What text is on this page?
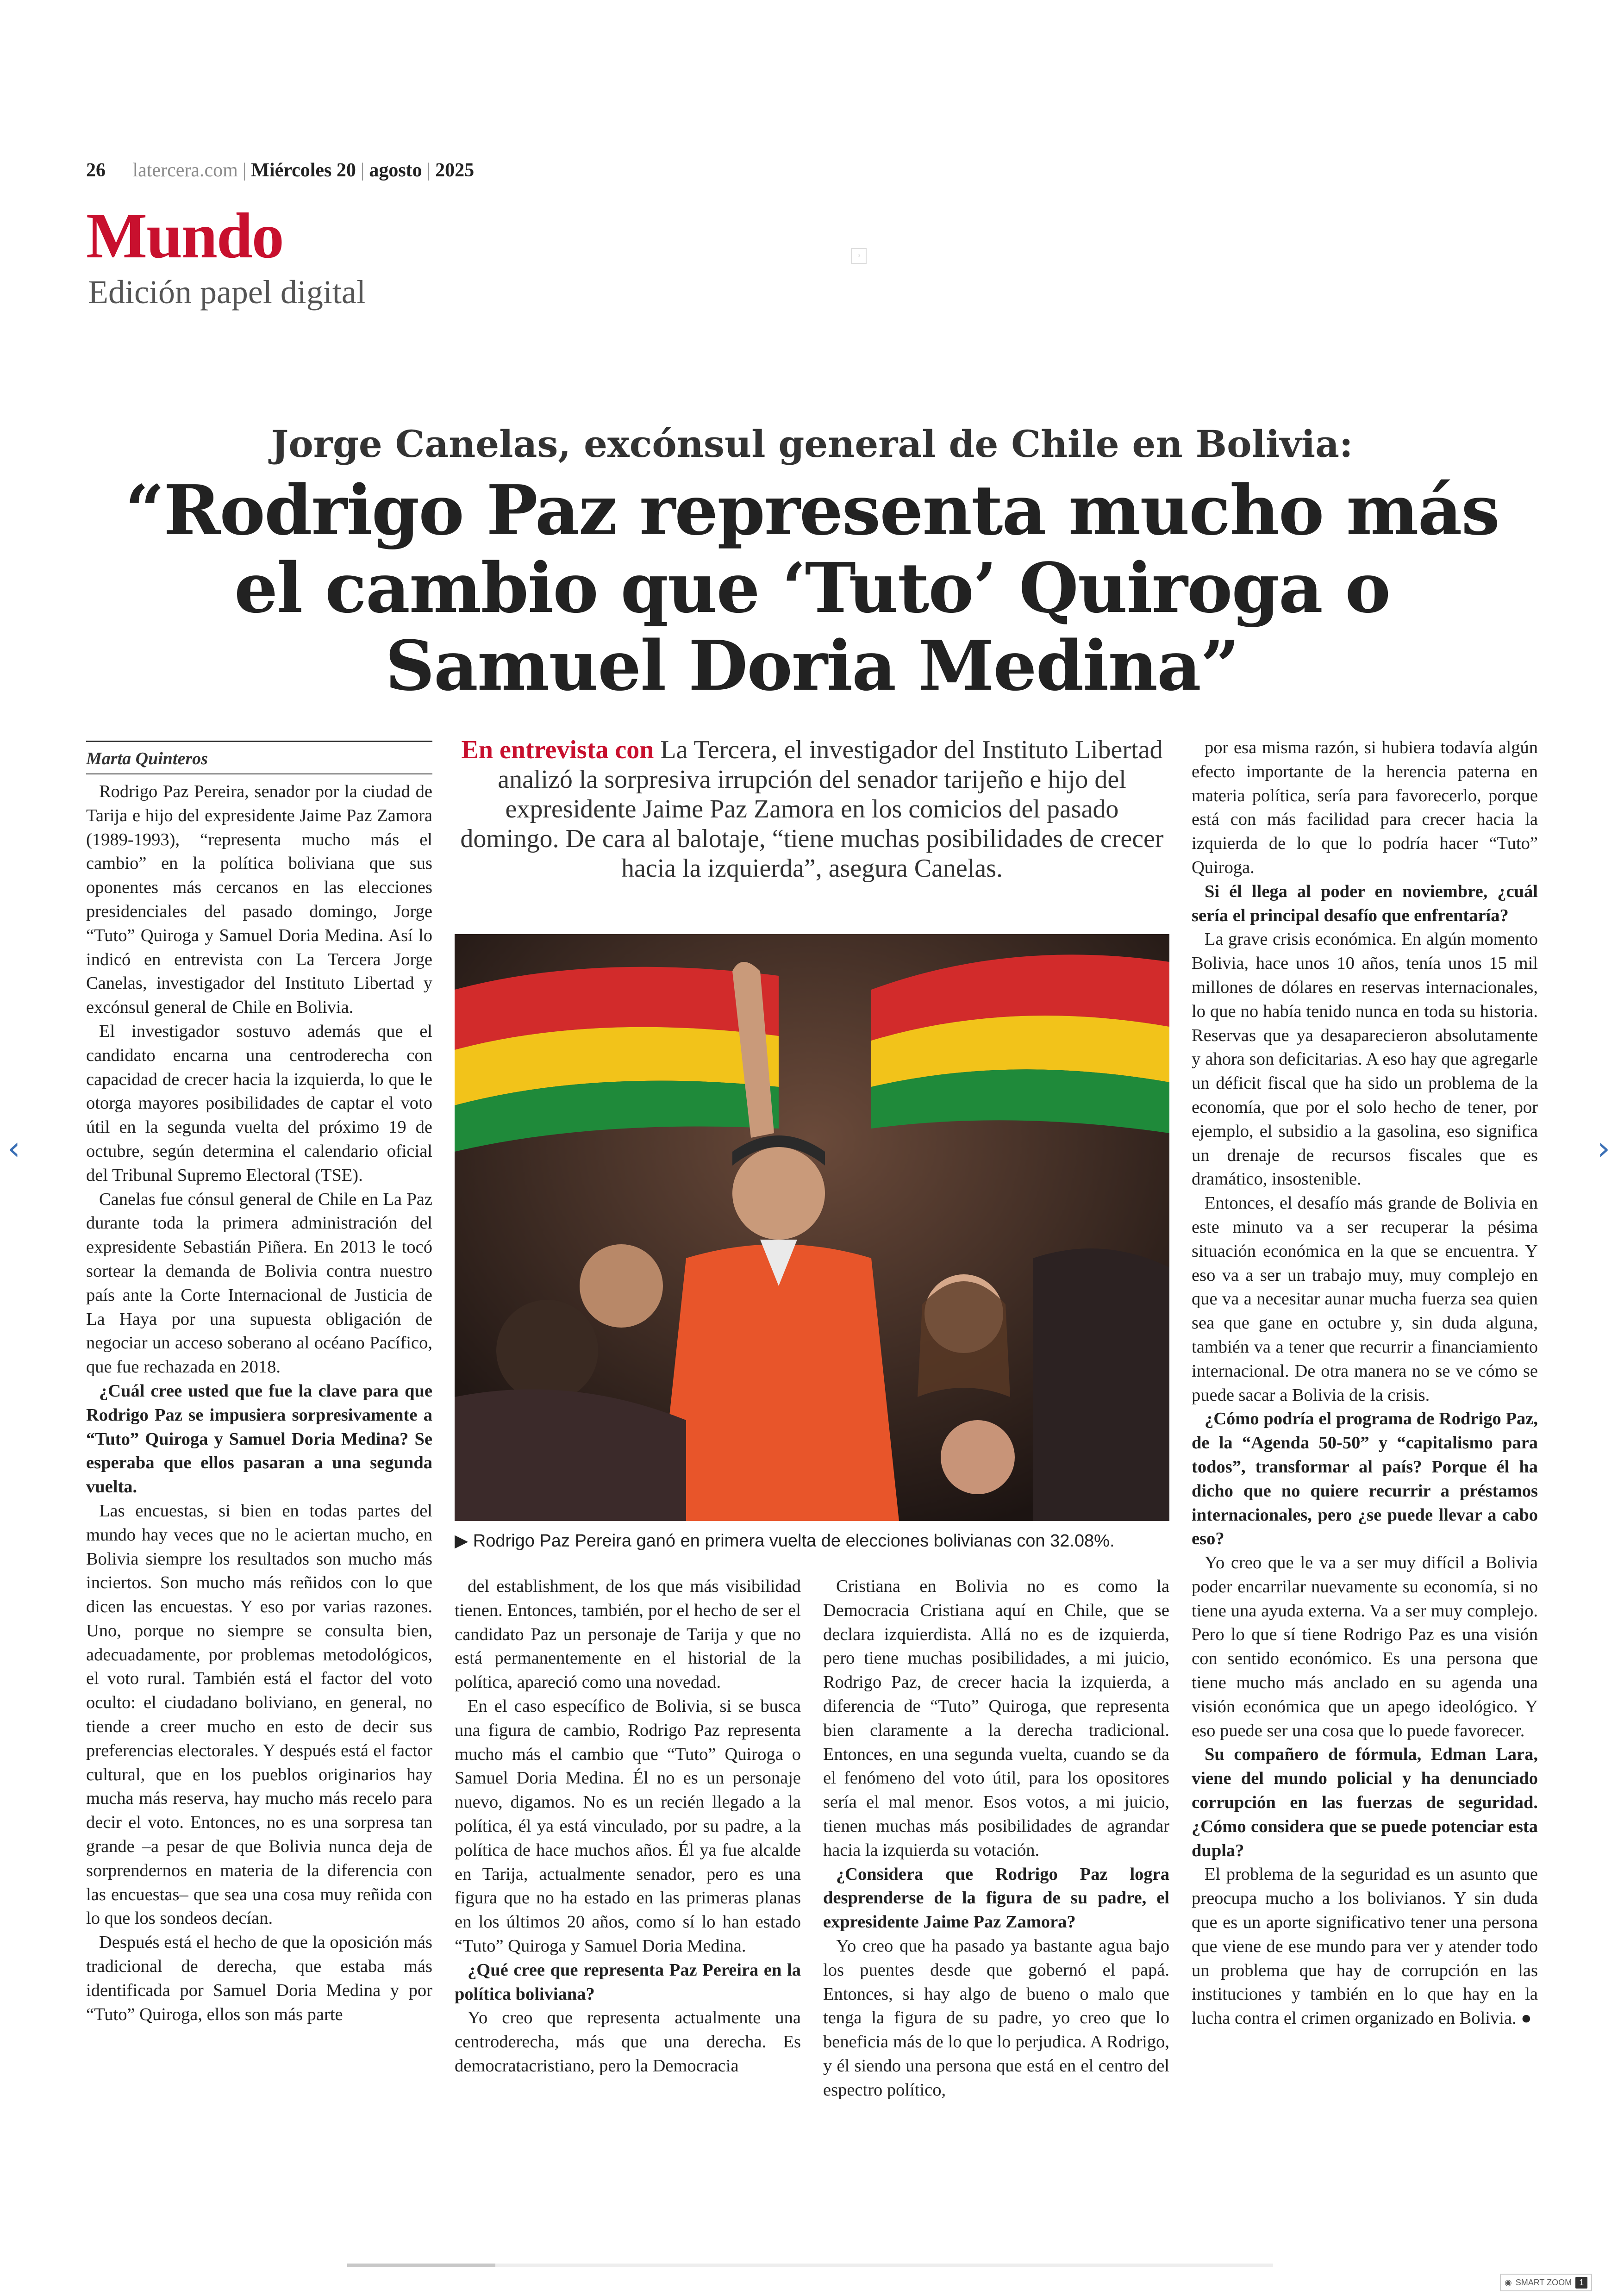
26 latercera.com | Miércoles 20 | agosto | 2025
Mundo
Edición papel digital
▫
Jorge Canelas, excónsul general de Chile en Bolivia:
“Rodrigo Paz representa mucho más el cambio que ‘Tuto’ Quiroga o Samuel Doria Medina”
Marta Quinteros	En entrevista con La Tercera, el investigador del Instituto Libertad analizó la sorpresiva irrupción del senador tarijeño e hijo del expresidente Jaime Paz Zamora en los comicios del pasado domingo. De cara al balotaje, “tiene muchas posibilidades de crecer hacia la izquierda”, asegura Canelas.
▶ Rodrigo Paz Pereira ganó en primera vuelta de elecciones bolivianas con 32.08%.

Rodrigo Paz Pereira, senador por la ciudad de Tarija e hijo del expresidente Jaime Paz Zamora (1989-1993), “representa mucho más el cambio” en la política boliviana que sus oponentes más cercanos en las elecciones presidenciales del pasado domingo, Jorge “Tuto” Quiroga y Samuel Doria Medina. Así lo indicó en entrevista con La Tercera Jorge Canelas, investigador del Instituto Libertad y excónsul general de Chile en Bolivia.

El investigador sostuvo además que el candidato encarna una centroderecha con capacidad de crecer hacia la izquierda, lo que le otorga mayores posibilidades de captar el voto útil en la segunda vuelta del próximo 19 de octubre, según determina el calendario oficial del Tribunal Supremo Electoral (TSE).

Canelas fue cónsul general de Chile en La Paz durante toda la primera administración del expresidente Sebastián Piñera. En 2013 le tocó sortear la demanda de Bolivia contra nuestro país ante la Corte Internacional de Justicia de La Haya por una supuesta obligación de negociar un acceso soberano al océano Pacífico, que fue rechazada en 2018.

¿Cuál cree usted que fue la clave para que Rodrigo Paz se impusiera sorpresivamente a “Tuto” Quiroga y Samuel Doria Medina? Se esperaba que ellos pasaran a una segunda vuelta.

Las encuestas, si bien en todas partes del mundo hay veces que no le aciertan mucho, en Bolivia siempre los resultados son mucho más inciertos. Son mucho más reñidos con lo que dicen las encuestas. Y eso por varias razones. Uno, porque no siempre se consulta bien, adecuadamente, por problemas metodológicos, el voto rural. También está el factor del voto oculto: el ciudadano boliviano, en general, no tiende a creer mucho en esto de decir sus preferencias electorales. Y después está el factor cultural, que en los pueblos originarios hay mucha más reserva, hay mucho más recelo para decir el voto. Entonces, no es una sorpresa tan grande –a pesar de que Bolivia nunca deja de sorprendernos en materia de la diferencia con las encuestas– que sea una cosa muy reñida con lo que los sondeos decían.

Después está el hecho de que la oposición más tradicional de derecha, que estaba más identificada por Samuel Doria Medina y por “Tuto” Quiroga, ellos son más parte

del establishment, de los que más visibilidad tienen. Entonces, también, por el hecho de ser el candidato Paz un personaje de Tarija y que no está permanentemente en el historial de la política, apareció como una novedad.

En el caso específico de Bolivia, si se busca una figura de cambio, Rodrigo Paz representa mucho más el cambio que “Tuto” Quiroga o Samuel Doria Medina. Él no es un personaje nuevo, digamos. No es un recién llegado a la política, él ya está vinculado, por su padre, a la política de hace muchos años. Él ya fue alcalde en Tarija, actualmente senador, pero es una figura que no ha estado en las primeras planas en los últimos 20 años, como sí lo han estado “Tuto” Quiroga y Samuel Doria Medina.

¿Qué cree que representa Paz Pereira en la política boliviana?

Yo creo que representa actualmente una centroderecha, más que una derecha. Es democratacristiano, pero la Democracia

Cristiana en Bolivia no es como la Democracia Cristiana aquí en Chile, que se declara izquierdista. Allá no es de izquierda, pero tiene muchas posibilidades, a mi juicio, Rodrigo Paz, de crecer hacia la izquierda, a diferencia de “Tuto” Quiroga, que representa bien claramente a la derecha tradicional. Entonces, en una segunda vuelta, cuando se da el fenómeno del voto útil, para los opositores sería el mal menor. Esos votos, a mi juicio, tienen muchas más posibilidades de agrandar hacia la izquierda su votación.

¿Considera que Rodrigo Paz logra desprenderse de la figura de su padre, el expresidente Jaime Paz Zamora?

Yo creo que ha pasado ya bastante agua bajo los puentes desde que gobernó el papá. Entonces, si hay algo de bueno o malo que tenga la figura de su padre, yo creo que lo beneficia más de lo que lo perjudica. A Rodrigo, y él siendo una persona que está en el centro del espectro político,

por esa misma razón, si hubiera todavía algún efecto importante de la herencia paterna en materia política, sería para favorecerlo, porque está con más facilidad para crecer hacia la izquierda de lo que lo podría hacer “Tuto” Quiroga.

Si él llega al poder en noviembre, ¿cuál sería el principal desafío que enfrentaría?

La grave crisis económica. En algún momento Bolivia, hace unos 10 años, tenía unos 15 mil millones de dólares en reservas internacionales, lo que no había tenido nunca en toda su historia. Reservas que ya desaparecieron absolutamente y ahora son deficitarias. A eso hay que agregarle un déficit fiscal que ha sido un problema de la economía, que por el solo hecho de tener, por ejemplo, el subsidio a la gasolina, eso significa un drenaje de recursos fiscales que es dramático, insostenible.

Entonces, el desafío más grande de Bolivia en este minuto va a ser recuperar la pésima situación económica en la que se encuentra. Y eso va a ser un trabajo muy, muy complejo en que va a necesitar aunar mucha fuerza sea quien sea que gane en octubre y, sin duda alguna, también va a tener que recurrir a financiamiento internacional. De otra manera no se ve cómo se puede sacar a Bolivia de la crisis.

¿Cómo podría el programa de Rodrigo Paz, de la “Agenda 50-50” y “capitalismo para todos”, transformar al país? Porque él ha dicho que no quiere recurrir a préstamos internacionales, pero ¿se puede llevar a cabo eso?

Yo creo que le va a ser muy difícil a Bolivia poder encarrilar nuevamente su economía, si no tiene una ayuda externa. Va a ser muy complejo. Pero lo que sí tiene Rodrigo Paz es una visión con sentido económico. Es una persona que tiene mucho más anclado en su agenda una visión económica que un apego ideológico. Y eso puede ser una cosa que lo puede favorecer.

Su compañero de fórmula, Edman Lara, viene del mundo policial y ha denunciado corrupción en las fuerzas de seguridad. ¿Cómo considera que se puede potenciar esta dupla?

El problema de la seguridad es un asunto que preocupa mucho a los bolivianos. Y sin duda que es un aporte significativo tener una persona que viene de ese mundo para ver y atender todo un problema que hay de corrupción en las instituciones y también en lo que hay en la lucha contra el crimen organizado en Bolivia. ●

‹	›
◉ SMART ZOOM 1
